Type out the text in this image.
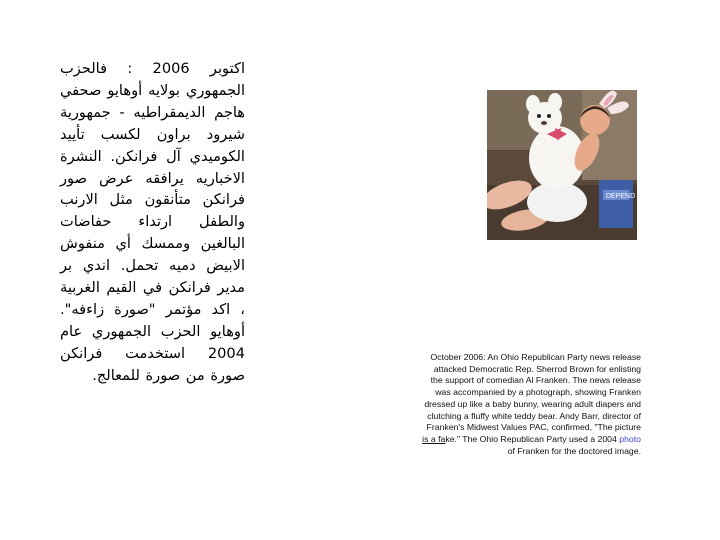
اكتوبر 2006 : فالحزب الجمهوري بولايه أوهايو صحفي هاجم الديمقراطيه - جمهورية شيرود براون لكسب تأييد الكوميدي آل فرانكن. النشرة الاخباريه يرافقه عرض صور فرانكن متأنقون مثل الارنب والطفل ارتداء حفاضات البالغين وممسك أي منفوش الابيض دميه تحمل. اندي بر مدير فرانكن في القيم الغربية ، اكد مؤتمر "صورة زاءفه". أوهايو الحزب الجمهوري عام 2004 استخدمت فرانكن صورة من صورة للمعالج.
DEPEND
October 2006: An Ohio Republican Party news release
attacked Democratic Rep. Sherrod Brown for enlisting
the support of comedian Al Franken. The news release
was accompanied by a photograph, showing Franken
dressed up like a baby bunny, wearing adult diapers and
clutching a fluffy white teddy bear. Andy Barr, director of
Franken's Midwest Values PAC, confirmed, "The picture
is a fake." The Ohio Republican Party used a 2004 photo
of Franken for the doctored image.
